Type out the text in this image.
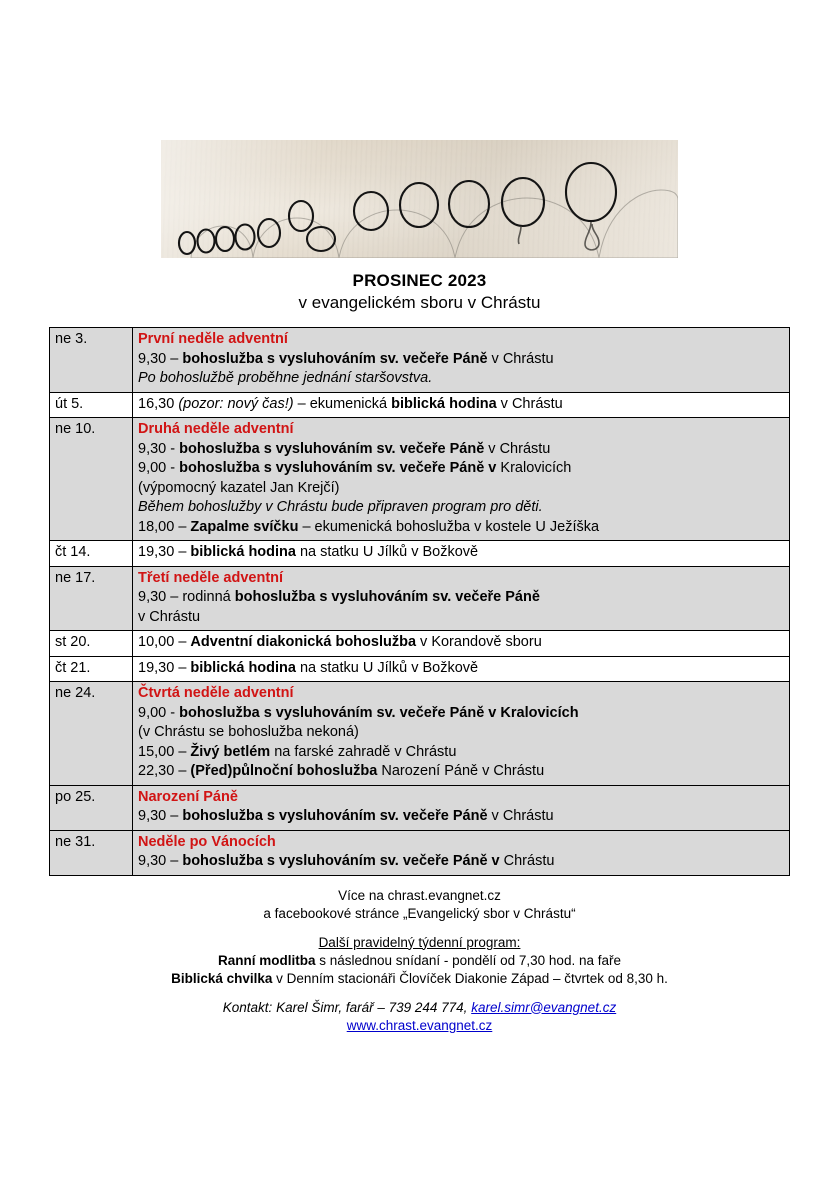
PROSINEC 2023
v evangelickém sboru v Chrástu
ne 3.	První neděle adventní
9,30 – bohoslužba s vysluhováním sv. večeře Páně v Chrástu
Po bohoslužbě proběhne jednání staršovstva.

út 5.	16,30 (pozor: nový čas!) – ekumenická biblická hodina v Chrástu

ne 10.	Druhá neděle adventní
9,30 - bohoslužba s vysluhováním sv. večeře Páně v Chrástu
9,00 - bohoslužba s vysluhováním sv. večeře Páně v Kralovicích
(výpomocný kazatel Jan Krejčí)
Během bohoslužby v Chrástu bude připraven program pro děti.
18,00 – Zapalme svíčku – ekumenická bohoslužba v kostele U Ježíška

čt 14.	19,30 – biblická hodina na statku U Jílků v Božkově

ne 17.	Třetí neděle adventní
9,30 – rodinná bohoslužba s vysluhováním sv. večeře Páně
v Chrástu

st 20.	10,00 – Adventní diakonická bohoslužba v Korandově sboru

čt 21.	19,30 – biblická hodina na statku U Jílků v Božkově

ne 24.	Čtvrtá neděle adventní
9,00 - bohoslužba s vysluhováním sv. večeře Páně v Kralovicích
(v Chrástu se bohoslužba nekoná)
15,00 – Živý betlém na farské zahradě v Chrástu
22,30 – (Před)půlnoční bohoslužba Narození Páně v Chrástu

po 25.	Narození Páně
9,30 – bohoslužba s vysluhováním sv. večeře Páně v Chrástu

ne 31.	Neděle po Vánocích
9,30 – bohoslužba s vysluhováním sv. večeře Páně v Chrástu
Více na chrast.evangnet.cz
a facebookové stránce „Evangelický sbor v Chrástu“
Další pravidelný týdenní program:
Ranní modlitba s následnou snídaní - pondělí od 7,30 hod. na faře
Biblická chvilka v Denním stacionáři Človíček Diakonie Západ – čtvrtek od 8,30 h.
Kontakt: Karel Šimr, farář – 739 244 774, karel.simr@evangnet.cz
www.chrast.evangnet.cz
